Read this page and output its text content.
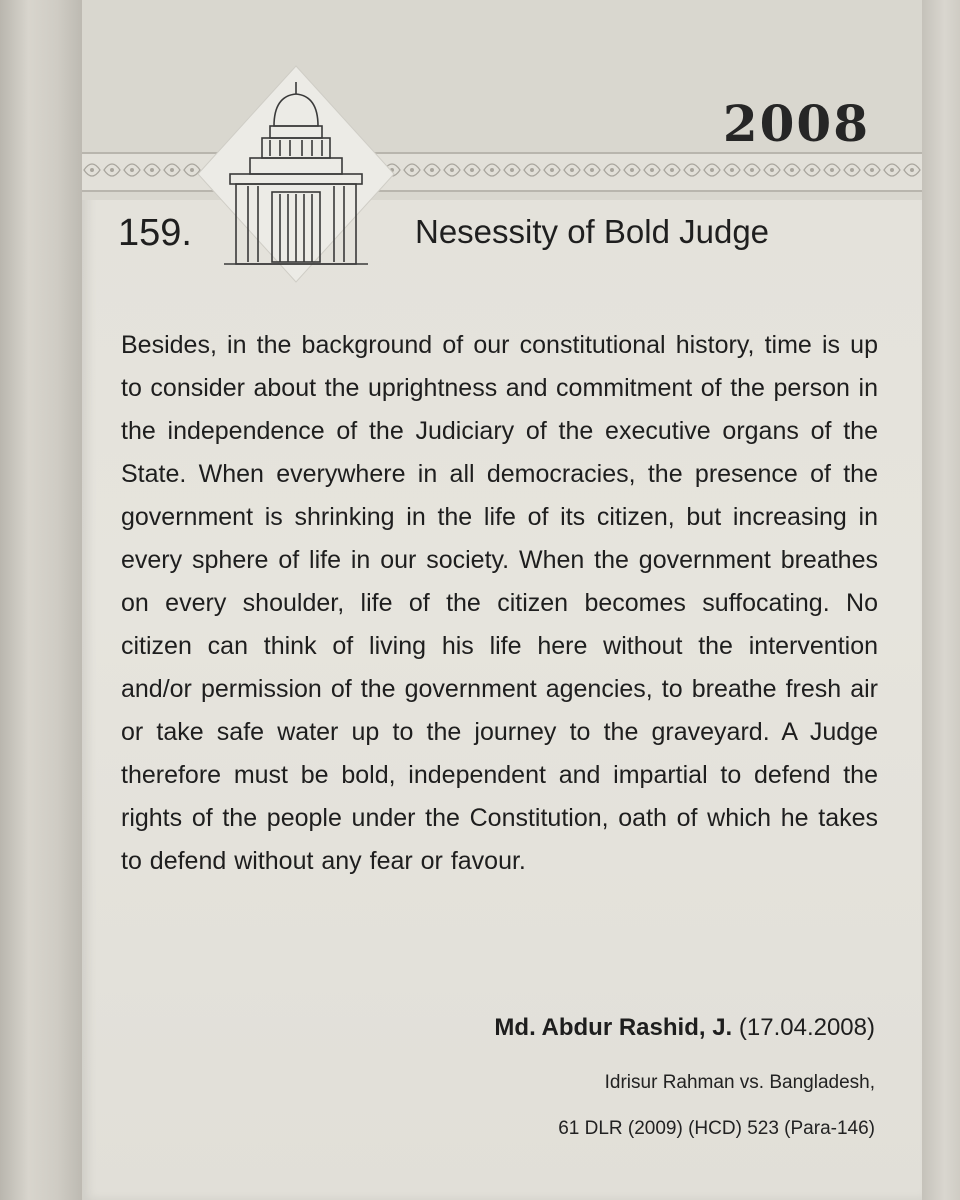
2008
159.	Nesessity of Bold Judge
Besides, in the background of our constitutional history, time is up to consider about the uprightness and commitment of the person in the independence of the Judiciary of the executive organs of the State. When everywhere in all democracies, the presence of the government is shrinking in the life of its citizen, but increasing in every sphere of life in our society. When the government breathes on every shoulder, life of the citizen becomes suffocating. No citizen can think of living his life here without the intervention and/or permission of the government agencies, to breathe fresh air or take safe water up to the journey to the graveyard. A Judge therefore must be bold, independent and impartial to defend the rights of the people under the Constitution, oath of which he takes to defend without any fear or favour.
Md. Abdur Rashid, J. (17.04.2008)
Idrisur Rahman vs. Bangladesh,
61 DLR (2009) (HCD) 523 (Para-146)
